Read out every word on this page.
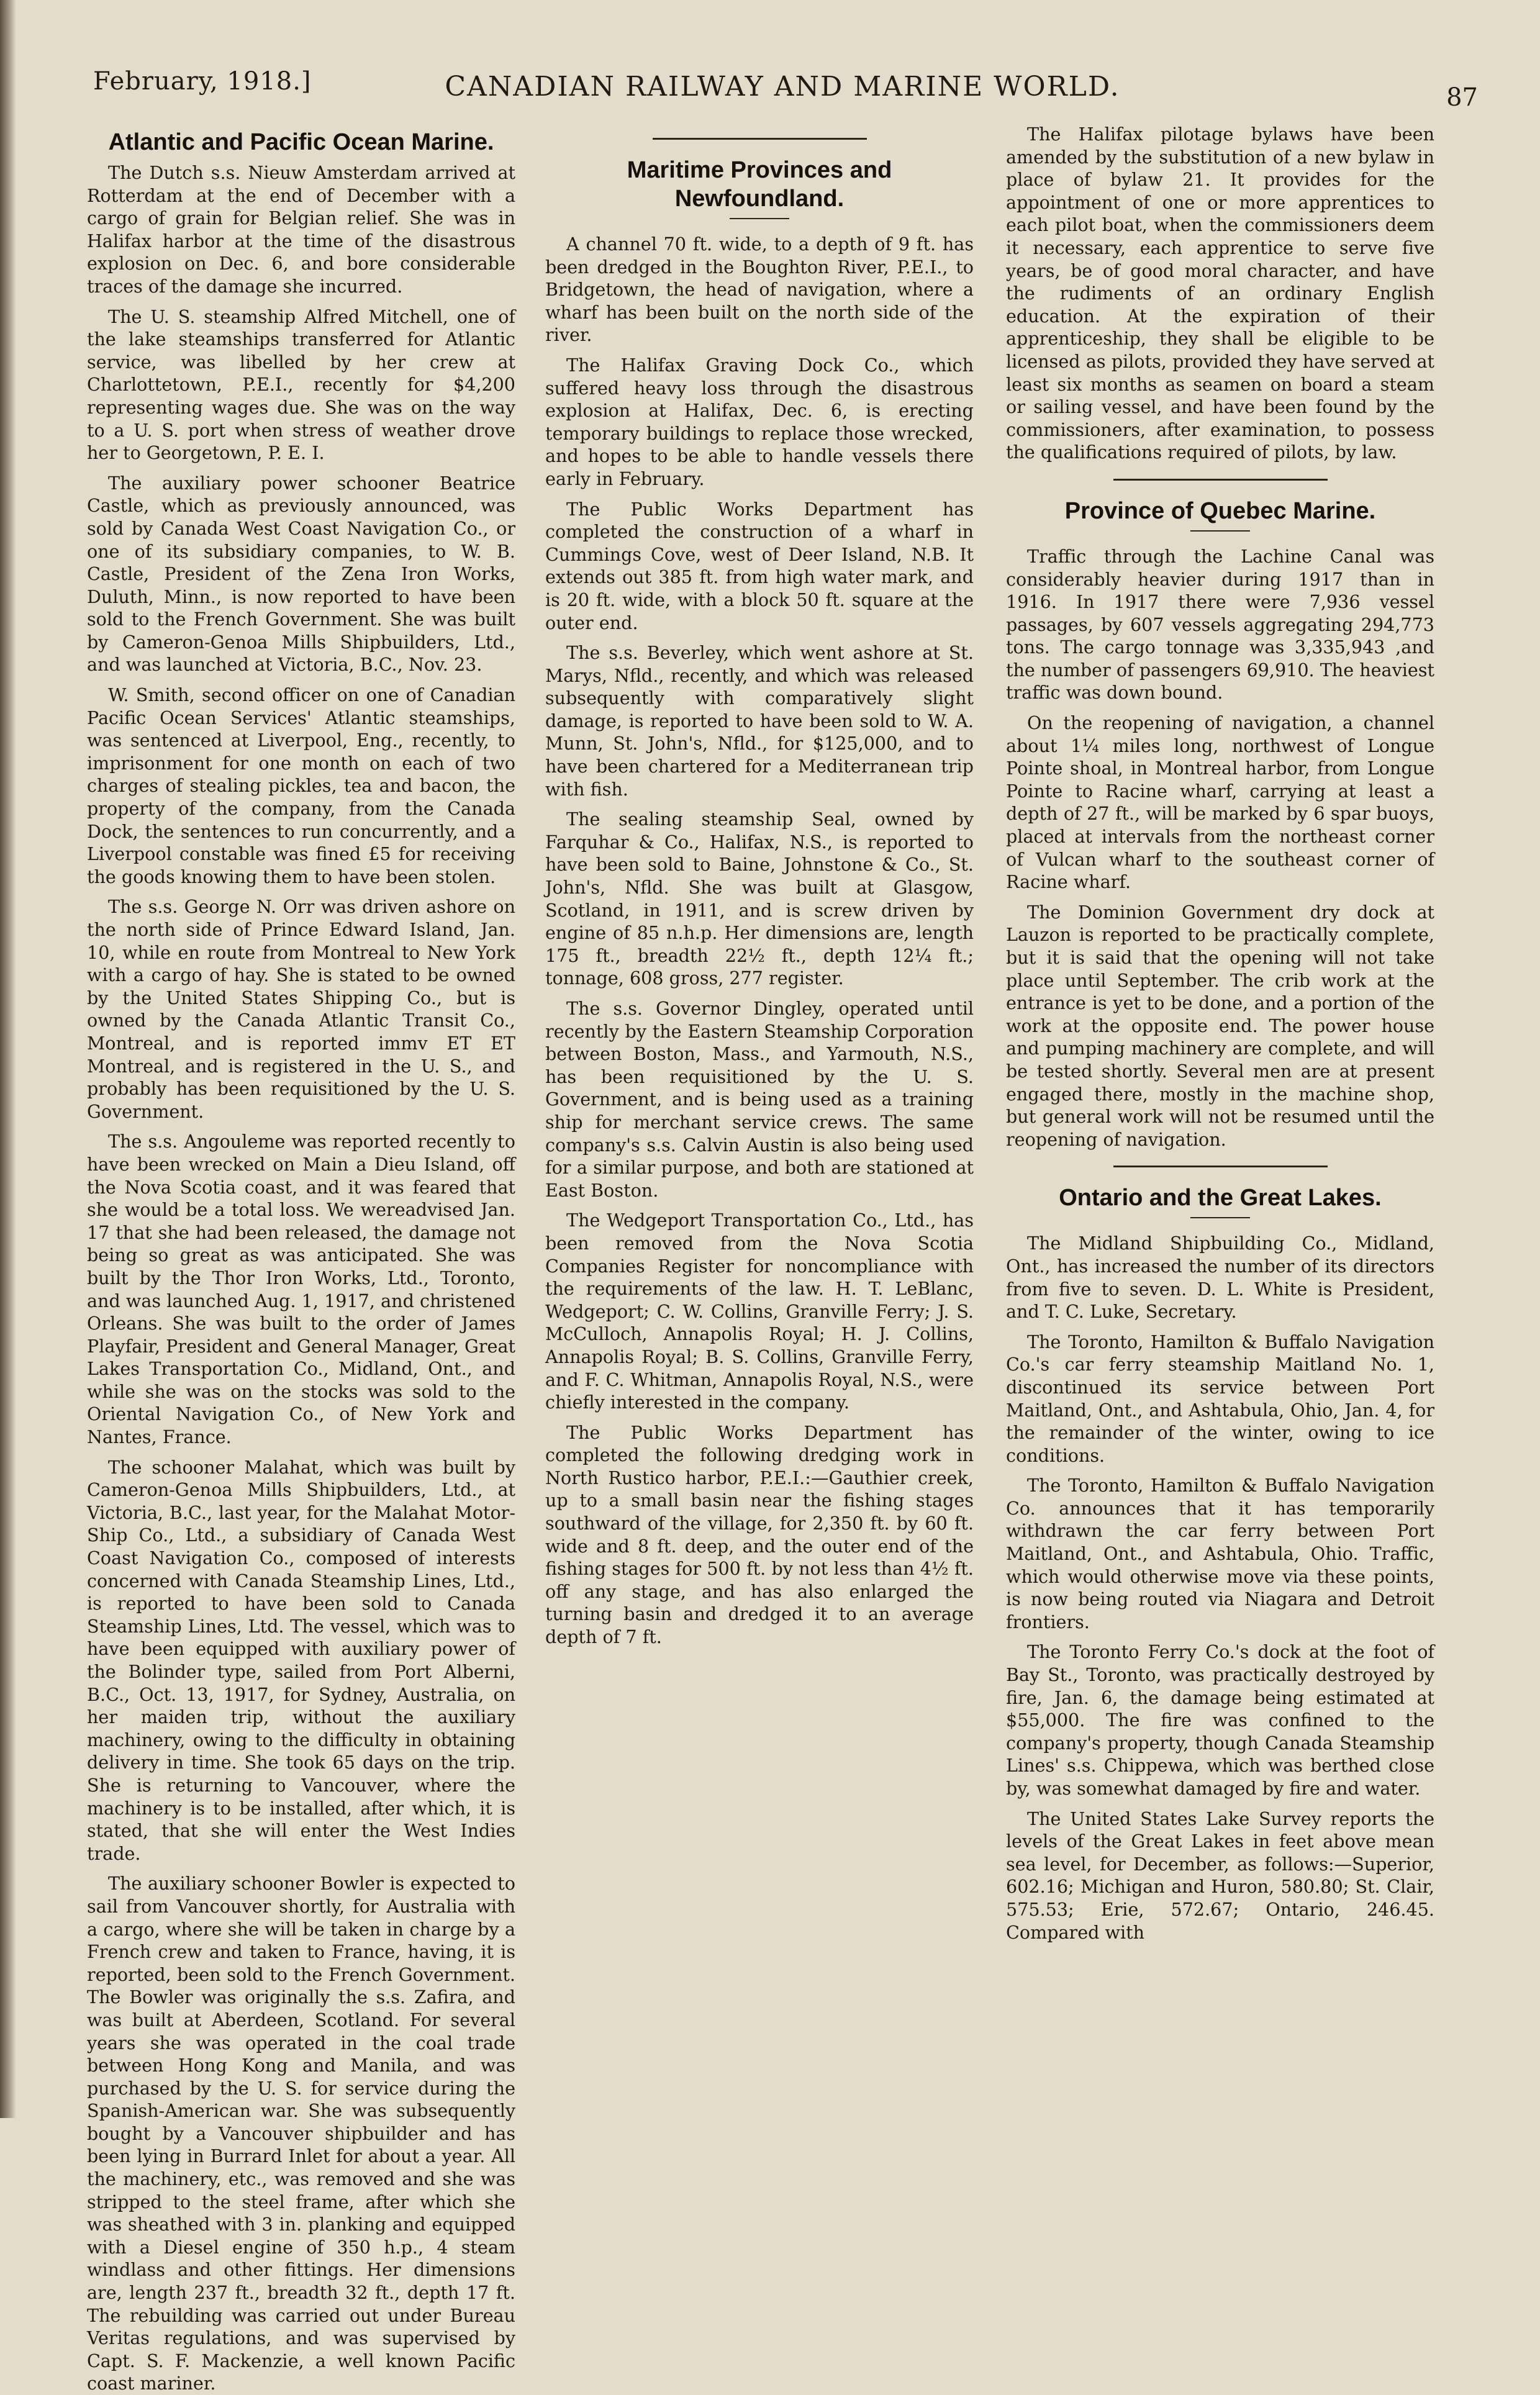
February, 1918.]	CANADIAN RAILWAY AND MARINE WORLD.	87
Atlantic and Pacific Ocean Marine.

The Dutch s.s. Nieuw Amsterdam arrived at Rotterdam at the end of December with a cargo of grain for Belgian relief. She was in Halifax harbor at the time of the disastrous explosion on Dec. 6, and bore considerable traces of the damage she incurred.

The U. S. steamship Alfred Mitchell, one of the lake steamships transferred for Atlantic service, was libelled by her crew at Charlottetown, P.E.I., recently for $4,200 representing wages due. She was on the way to a U. S. port when stress of weather drove her to Georgetown, P. E. I.

The auxiliary power schooner Beatrice Castle, which as previously announced, was sold by Canada West Coast Navigation Co., or one of its subsidiary companies, to W. B. Castle, President of the Zena Iron Works, Duluth, Minn., is now reported to have been sold to the French Government. She was built by Cameron-Genoa Mills Shipbuilders, Ltd., and was launched at Victoria, B.C., Nov. 23.

W. Smith, second officer on one of Canadian Pacific Ocean Services' Atlantic steamships, was sentenced at Liverpool, Eng., recently, to imprisonment for one month on each of two charges of stealing pickles, tea and bacon, the property of the company, from the Canada Dock, the sentences to run concurrently, and a Liverpool constable was fined £5 for receiving the goods knowing them to have been stolen.

The s.s. George N. Orr was driven ashore on the north side of Prince Edward Island, Jan. 10, while en route from Montreal to New York with a cargo of hay. She is stated to be owned by the United States Shipping Co., but is owned by the Canada Atlantic Transit Co., Montreal, and is reported immv ET ET Montreal, and is registered in the U. S., and probably has been requisitioned by the U. S. Government.

The s.s. Angouleme was reported recently to have been wrecked on Main a Dieu Island, off the Nova Scotia coast, and it was feared that she would be a total loss. We wereadvised Jan. 17 that she had been released, the damage not being so great as was anticipated. She was built by the Thor Iron Works, Ltd., Toronto, and was launched Aug. 1, 1917, and christened Orleans. She was built to the order of James Playfair, President and General Manager, Great Lakes Transportation Co., Midland, Ont., and while she was on the stocks was sold to the Oriental Navigation Co., of New York and Nantes, France.

The schooner Malahat, which was built by Cameron-Genoa Mills Shipbuilders, Ltd., at Victoria, B.C., last year, for the Malahat Motor-Ship Co., Ltd., a subsidiary of Canada West Coast Navigation Co., composed of interests concerned with Canada Steamship Lines, Ltd., is reported to have been sold to Canada Steamship Lines, Ltd. The vessel, which was to have been equipped with auxiliary power of the Bolinder type, sailed from Port Alberni, B.C., Oct. 13, 1917, for Sydney, Australia, on her maiden trip, without the auxiliary machinery, owing to the difficulty in obtaining delivery in time. She took 65 days on the trip. She is returning to Vancouver, where the machinery is to be installed, after which, it is stated, that she will enter the West Indies trade.

The auxiliary schooner Bowler is expected to sail from Vancouver shortly, for Australia with a cargo, where she will be taken in charge by a French crew and taken to France, having, it is reported, been sold to the French Government. The Bowler was originally the s.s. Zafira, and was built at Aberdeen, Scotland. For several years she was operated in the coal trade between Hong Kong and Manila, and was purchased by the U. S. for service during the Spanish-American war. She was subsequently bought by a Vancouver shipbuilder and has been lying in Burrard Inlet for about a year. All the machinery, etc., was removed and she was stripped to the steel frame, after which she was sheathed with 3 in. planking and equipped with a Diesel engine of 350 h.p., 4 steam windlass and other fittings. Her dimensions are, length 237 ft., breadth 32 ft., depth 17 ft. The rebuilding was carried out under Bureau Veritas regulations, and was supervised by Capt. S. F. Mackenzie, a well known Pacific coast mariner.

Maritime Provinces and Newfoundland.

A channel 70 ft. wide, to a depth of 9 ft. has been dredged in the Boughton River, P.E.I., to Bridgetown, the head of navigation, where a wharf has been built on the north side of the river.

The Halifax Graving Dock Co., which suffered heavy loss through the disastrous explosion at Halifax, Dec. 6, is erecting temporary buildings to replace those wrecked, and hopes to be able to handle vessels there early in February.

The Public Works Department has completed the construction of a wharf in Cummings Cove, west of Deer Island, N.B. It extends out 385 ft. from high water mark, and is 20 ft. wide, with a block 50 ft. square at the outer end.

The s.s. Beverley, which went ashore at St. Marys, Nfld., recently, and which was released subsequently with comparatively slight damage, is reported to have been sold to W. A. Munn, St. John's, Nfld., for $125,000, and to have been chartered for a Mediterranean trip with fish.

The sealing steamship Seal, owned by Farquhar & Co., Halifax, N.S., is reported to have been sold to Baine, Johnstone & Co., St. John's, Nfld. She was built at Glasgow, Scotland, in 1911, and is screw driven by engine of 85 n.h.p. Her dimensions are, length 175 ft., breadth 22½ ft., depth 12¼ ft.; tonnage, 608 gross, 277 register.

The s.s. Governor Dingley, operated until recently by the Eastern Steamship Corporation between Boston, Mass., and Yarmouth, N.S., has been requisitioned by the U. S. Government, and is being used as a training ship for merchant service crews. The same company's s.s. Calvin Austin is also being used for a similar purpose, and both are stationed at East Boston.

The Wedgeport Transportation Co., Ltd., has been removed from the Nova Scotia Companies Register for noncompliance with the requirements of the law. H. T. LeBlanc, Wedgeport; C. W. Collins, Granville Ferry; J. S. McCulloch, Annapolis Royal; H. J. Collins, Annapolis Royal; B. S. Collins, Granville Ferry, and F. C. Whitman, Annapolis Royal, N.S., were chiefly interested in the company.

The Public Works Department has completed the following dredging work in North Rustico harbor, P.E.I.:—Gauthier creek, up to a small basin near the fishing stages southward of the village, for 2,350 ft. by 60 ft. wide and 8 ft. deep, and the outer end of the fishing stages for 500 ft. by not less than 4½ ft. off any stage, and has also enlarged the turning basin and dredged it to an average depth of 7 ft.

The Halifax pilotage bylaws have been amended by the substitution of a new bylaw in place of bylaw 21. It provides for the appointment of one or more apprentices to each pilot boat, when the commissioners deem it necessary, each apprentice to serve five years, be of good moral character, and have the rudiments of an ordinary English education. At the expiration of their apprenticeship, they shall be eligible to be licensed as pilots, provided they have served at least six months as seamen on board a steam or sailing vessel, and have been found by the commissioners, after examination, to possess the qualifications required of pilots, by law.

Province of Quebec Marine.

Traffic through the Lachine Canal was considerably heavier during 1917 than in 1916. In 1917 there were 7,936 vessel passages, by 607 vessels aggregating 294,773 tons. The cargo tonnage was 3,335,943 ,and the number of passengers 69,910. The heaviest traffic was down bound.

On the reopening of navigation, a channel about 1¼ miles long, northwest of Longue Pointe shoal, in Montreal harbor, from Longue Pointe to Racine wharf, carrying at least a depth of 27 ft., will be marked by 6 spar buoys, placed at intervals from the northeast corner of Vulcan wharf to the southeast corner of Racine wharf.

The Dominion Government dry dock at Lauzon is reported to be practically complete, but it is said that the opening will not take place until September. The crib work at the entrance is yet to be done, and a portion of the work at the opposite end. The power house and pumping machinery are complete, and will be tested shortly. Several men are at present engaged there, mostly in the machine shop, but general work will not be resumed until the reopening of navigation.

Ontario and the Great Lakes.

The Midland Shipbuilding Co., Midland, Ont., has increased the number of its directors from five to seven. D. L. White is President, and T. C. Luke, Secretary.

The Toronto, Hamilton & Buffalo Navigation Co.'s car ferry steamship Maitland No. 1, discontinued its service between Port Maitland, Ont., and Ashtabula, Ohio, Jan. 4, for the remainder of the winter, owing to ice conditions.

The Toronto, Hamilton & Buffalo Navigation Co. announces that it has temporarily withdrawn the car ferry between Port Maitland, Ont., and Ashtabula, Ohio. Traffic, which would otherwise move via these points, is now being routed via Niagara and Detroit frontiers.

The Toronto Ferry Co.'s dock at the foot of Bay St., Toronto, was practically destroyed by fire, Jan. 6, the damage being estimated at $55,000. The fire was confined to the company's property, though Canada Steamship Lines' s.s. Chippewa, which was berthed close by, was somewhat damaged by fire and water.

The United States Lake Survey reports the levels of the Great Lakes in feet above mean sea level, for December, as follows:—Superior, 602.16; Michigan and Huron, 580.80; St. Clair, 575.53; Erie, 572.67; Ontario, 246.45. Compared with
